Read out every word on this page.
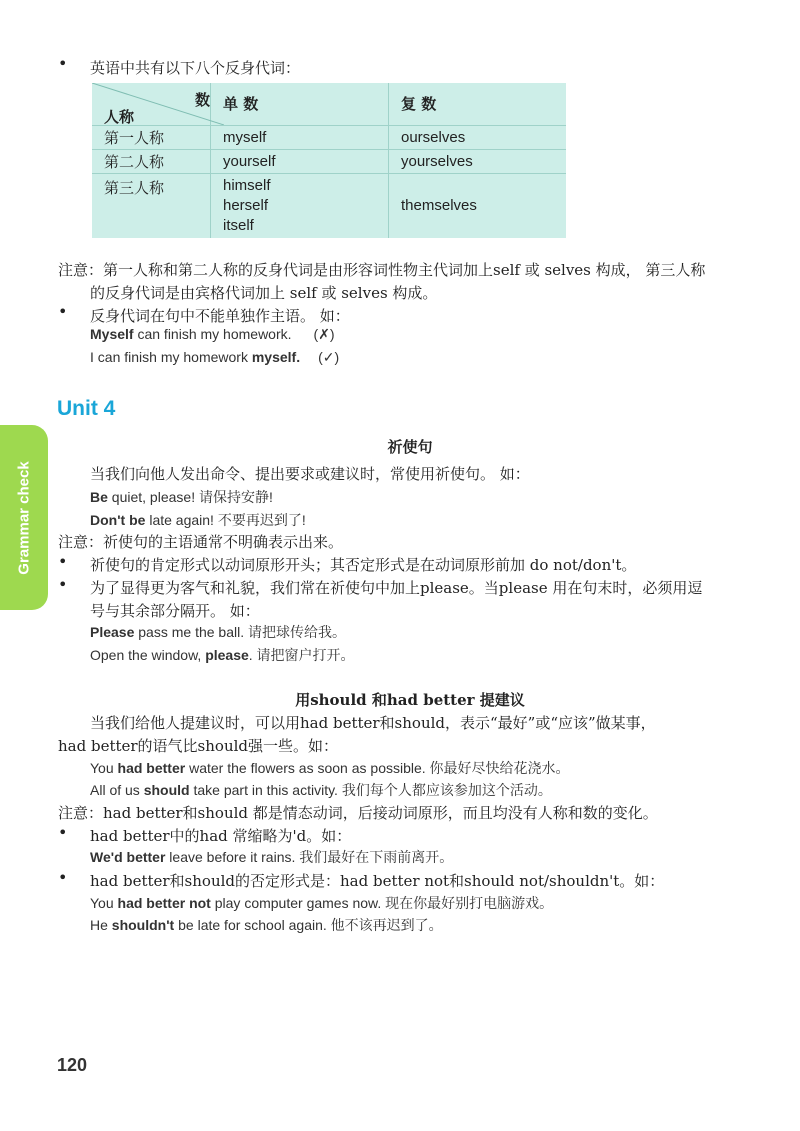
• 英语中共有以下八个反身代词：
数
人称	单 数	复 数
第一人称	myself	ourselves
第二人称	yourself	yourselves
第三人称	himself
herself
itself	themselves
注意：第一人称和第二人称的反身代词是由形容词性物主代词加上self 或 selves 构成， 第三人称
的反身代词是由宾格代词加上 self 或 selves 构成。
• 反身代词在句中不能单独作主语。 如：
Myself can finish my homework. (✗)
I can finish my homework myself. (✓)
Unit 4
Grammar check
祈使句
当我们向他人发出命令、提出要求或建议时，常使用祈使句。 如：
Be quiet, please! 请保持安静!
Don't be late again! 不要再迟到了!
注意：祈使句的主语通常不明确表示出来。
• 祈使句的肯定形式以动词原形开头；其否定形式是在动词原形前加 do not/don't。
• 为了显得更为客气和礼貌，我们常在祈使句中加上please。当please 用在句末时，必须用逗
号与其余部分隔开。 如：
Please pass me the ball. 请把球传给我。
Open the window, please. 请把窗户打开。
用should 和had better 提建议
当我们给他人提建议时，可以用had better和should，表示“最好”或“应该”做某事，
had better的语气比should强一些。如：
You had better water the flowers as soon as possible. 你最好尽快给花浇水。
All of us should take part in this activity. 我们每个人都应该参加这个活动。
注意：had better和should 都是情态动词，后接动词原形，而且均没有人称和数的变化。
• had better中的had 常缩略为'd。如：
We'd better leave before it rains. 我们最好在下雨前离开。
• had better和should的否定形式是：had better not和should not/shouldn't。如：
You had better not play computer games now. 现在你最好别打电脑游戏。
He shouldn't be late for school again. 他不该再迟到了。
120
